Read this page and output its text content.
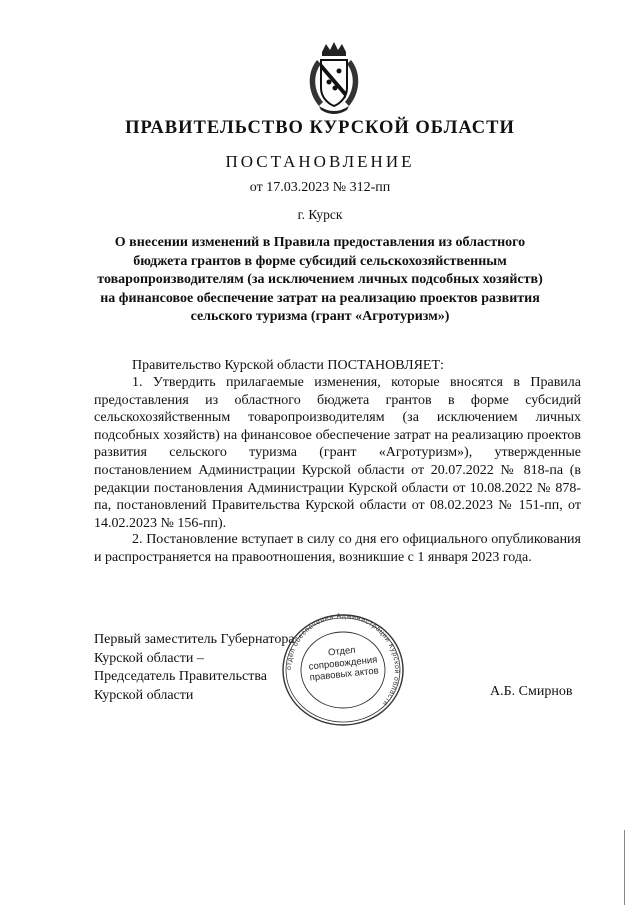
ПРАВИТЕЛЬСТВО КУРСКОЙ ОБЛАСТИ
ПОСТАНОВЛЕНИЕ
от 17.03.2023 № 312-пп
г. Курск
О внесении изменений в Правила предоставления из областного бюджета грантов в форме субсидий сельскохозяйственным товаропроизводителям (за исключением личных подсобных хозяйств) на финансовое обеспечение затрат на реализацию проектов развития сельского туризма (грант «Агротуризм»)

Правительство Курской области ПОСТАНОВЛЯЕТ:

1. Утвердить прилагаемые изменения, которые вносятся в Правила предоставления из областного бюджета грантов в форме субсидий сельскохозяйственным товаропроизводителям (за исключением личных подсобных хозяйств) на финансовое обеспечение затрат на реализацию проектов развития сельского туризма (грант «Агротуризм»), утвержденные постановлением Администрации Курской области от 20.07.2022 № 818-па (в редакции постановления Администрации Курской области от 10.08.2022 № 878-па, постановлений Правительства Курской области от 08.02.2023 № 151-пп, от 14.02.2023 № 156-пп).

2. Постановление вступает в силу со дня его официального опубликования и распространяется на правоотношения, возникшие с 1 января 2023 года.

Первый заместитель Губернатора
Курской области –
Председатель Правительства
Курской области	А.Б. Смирнов
отдел обеспечения Администрации Курской области
Отдел сопровождения правовых актов
